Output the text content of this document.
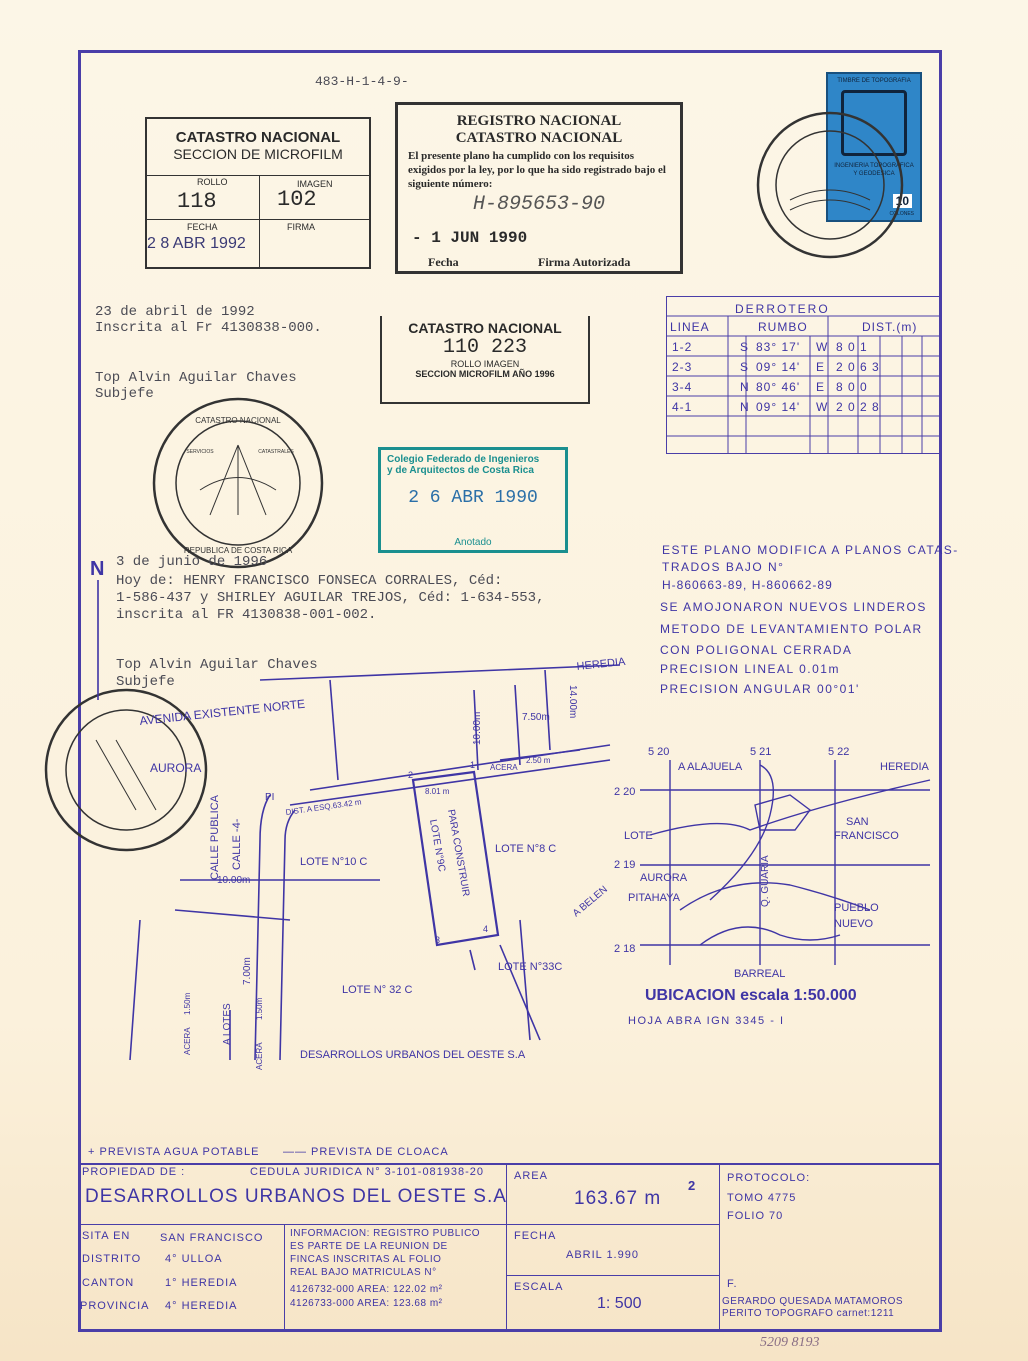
483-H-1-4-9-
CATASTRO NACIONAL
SECCION DE MICROFILM
ROLLO	IMAGEN
118	102
FECHA	FIRMA
2 8 ABR 1992
REGISTRO NACIONAL
CATASTRO NACIONAL
El presente plano ha cumplido con los requisitos exigidos por la ley, por lo que ha sido registrado bajo el siguiente número:
H-895653-90
- 1 JUN 1990
Fecha	Firma Autorizada
TIMBRE DE TOPOGRAFIA
INGENIERIA TOPOGRAFICA Y GEODESICA
10
COLONES
CATASTRO NACIONAL
REPUBLICA DE COSTA RICA
SERVICIOS	CATASTRALES
23 de abril de 1992
Inscrita al Fr 4130838-000.
Top Alvin Aguilar Chaves
Subjefe
CATASTRO NACIONAL
110 223
ROLLO IMAGEN
SECCION MICROFILM AÑO 1996
Colegio Federado de Ingenieros
y de Arquitectos de Costa Rica
2 6 ABR 1990
Anotado
3 de junio de 1996
Hoy de: HENRY FRANCISCO FONSECA CORRALES, Céd:
1-586-437 y SHIRLEY AGUILAR TREJOS, Céd: 1-634-553,
inscrita al FR 4130838-001-002.
Top Alvin Aguilar Chaves
Subjefe
DERROTERO
LINEA	RUMBO	DIST.(m)
1-2	S 83° 17' W 8 0 1
2-3	S 09° 14' E 2 0 6 3
3-4	N 80° 46' E 8 0 0
4-1	N 09° 14' W 2 0 2 8
ESTE PLANO MODIFICA A PLANOS CATAS-
TRADOS BAJO N°
H-860663-89, H-860662-89
SE AMOJONARON NUEVOS LINDEROS
METODO DE LEVANTAMIENTO POLAR
CON POLIGONAL CERRADA
PRECISION LINEAL 0.01m
PRECISION ANGULAR 00°01'
N
HEREDIA
AVENIDA EXISTENTE NORTE
AURORA	ACERA
CALLE PUBLICA CALLE -4-
DIST. A ESQ.63.42 m
8.01 m
10.00m	7.50m 14.00m
2.50 m
10.00m
7.00m
1.50m	1.50m
ACERA
ACERA
A LOTES
LOTE N°10 C
LOTE N°8 C
LOTE N° 32 C
LOTE N°33C
PARA CONSTRUIR
LOTE N°9C
PI
1
2
3
4
DESARROLLOS URBANOS DEL OESTE S.A
5 20	5 21	5 22
2 20
2 19
2 18
A ALAJUELA	HEREDIA
SAN
FRANCISCO
LOTE
AURORA
PITAHAYA	Q. GUARIA
A BELEN	PUEBLO
NUEVO
BARREAL
UBICACION escala 1:50.000
HOJA ABRA IGN 3345 - I
+ PREVISTA AGUA POTABLE —— PREVISTA DE CLOACA
PROPIEDAD DE :	CEDULA JURIDICA N° 3-101-081938-20
DESARROLLOS URBANOS DEL OESTE S.A
AREA
163.67 m
2	PROTOCOLO:
TOMO 4775
FOLIO 70
SITA EN	SAN FRANCISCO
DISTRITO 4° ULLOA
CANTON	1° HEREDIA
PROVINCIA 4° HEREDIA
INFORMACION: REGISTRO PUBLICO
ES PARTE DE LA REUNION DE
FINCAS INSCRITAS AL FOLIO
REAL BAJO MATRICULAS N°
4126732-000 AREA: 122.02 m²
4126733-000 AREA: 123.68 m²
FECHA
ABRIL 1.990
ESCALA
1: 500
F.
GERARDO QUESADA MATAMOROS
PERITO TOPOGRAFO carnet:1211
5209 8193
